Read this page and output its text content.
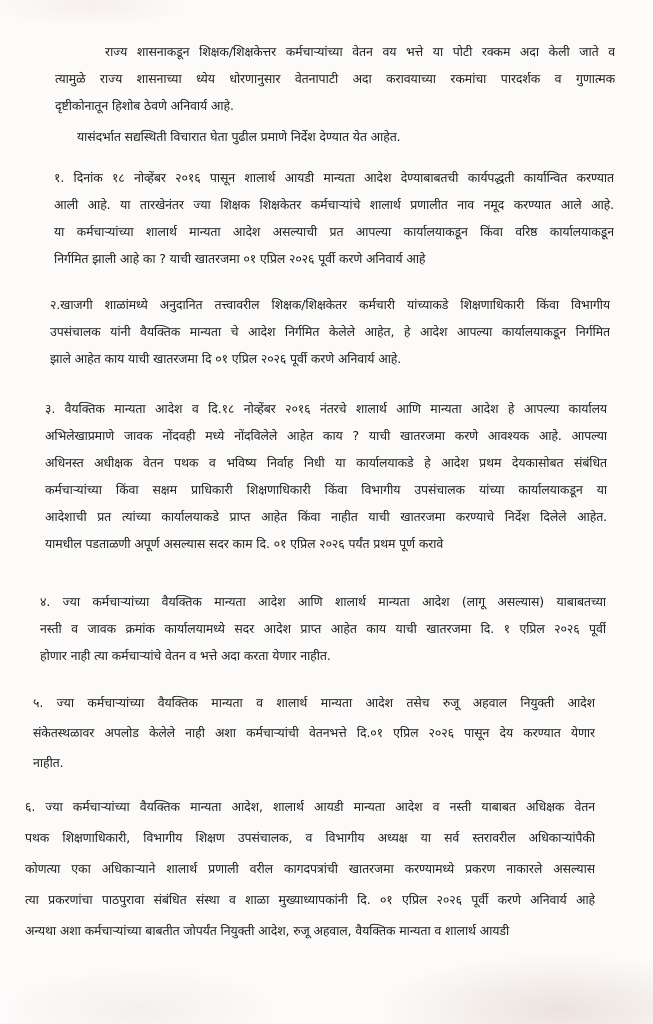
राज्य शासनाकडून शिक्षक/शिक्षकेत्तर कर्मचाऱ्यांच्या वेतन वय भत्ते या पोटी रक्कम अदा केली जाते व
त्यामुळे राज्य शासनाच्या ध्येय धोरणानुसार वेतनापाटी अदा करावयाच्या रकमांचा पारदर्शक व गुणात्मक
दृष्टीकोनातून हिशोब ठेवणे अनिवार्य आहे.
यासंदर्भात सद्यस्थिती विचारात घेता पुढील प्रमाणे निर्देश देण्यात येत आहेत.
१. दिनांक १८ नोव्हेंबर २०१६ पासून शालार्थ आयडी मान्यता आदेश देण्याबाबतची कार्यपद्धती कार्यान्वित करण्यात
आली आहे. या तारखेनंतर ज्या शिक्षक शिक्षकेतर कर्मचाऱ्यांचे शालार्थ प्रणालीत नाव नमूद करण्यात आले आहे.
या कर्मचाऱ्यांच्या शालार्थ मान्यता आदेश असल्याची प्रत आपल्या कार्यालयाकडून किंवा वरिष्ठ कार्यालयाकडून
निर्गमित झाली आहे का ? याची खातरजमा ०१ एप्रिल २०२६ पूर्वी करणे अनिवार्य आहे
२.खाजगी शाळांमध्ये अनुदानित तत्त्वावरील शिक्षक/शिक्षकेतर कर्मचारी यांच्याकडे शिक्षणाधिकारी किंवा विभागीय
उपसंचालक यांनी वैयक्तिक मान्यता चे आदेश निर्गमित केलेले आहेत, हे आदेश आपल्या कार्यालयाकडून निर्गमित
झाले आहेत काय याची खातरजमा दि ०१ एप्रिल २०२६ पूर्वी करणे अनिवार्य आहे.
३. वैयक्तिक मान्यता आदेश व दि.१८ नोव्हेंबर २०१६ नंतरचे शालार्थ आणि मान्यता आदेश हे आपल्या कार्यालय
अभिलेखाप्रमाणे जावक नोंदवही मध्ये नोंदविलेले आहेत काय ? याची खातरजमा करणे आवश्यक आहे. आपल्या
अधिनस्त अधीक्षक वेतन पथक व भविष्य निर्वाह निधी या कार्यालयाकडे हे आदेश प्रथम देयकासोबत संबंधित
कर्मचाऱ्यांच्या किंवा सक्षम प्राधिकारी शिक्षणाधिकारी किंवा विभागीय उपसंचालक यांच्या कार्यालयाकडून या
आदेशाची प्रत त्यांच्या कार्यालयाकडे प्राप्त आहेत किंवा नाहीत याची खातरजमा करण्याचे निर्देश दिलेले आहेत.
यामधील पडताळणी अपूर्ण असल्यास सदर काम दि. ०१ एप्रिल २०२६ पर्यंत प्रथम पूर्ण करावे
४. ज्या कर्मचाऱ्यांच्या वैयक्तिक मान्यता आदेश आणि शालार्थ मान्यता आदेश (लागू असल्यास) याबाबतच्या
नस्ती व जावक क्रमांक कार्यालयामध्ये सदर आदेश प्राप्त आहेत काय याची खातरजमा दि. १ एप्रिल २०२६ पूर्वी
होणार नाही त्या कर्मचाऱ्यांचे वेतन व भत्ते अदा करता येणार नाहीत.
५. ज्या कर्मचाऱ्यांच्या वैयक्तिक मान्यता व शालार्थ मान्यता आदेश तसेच रुजू अहवाल नियुक्ती आदेश
संकेतस्थळावर अपलोड केलेले नाही अशा कर्मचाऱ्यांची वेतनभत्ते दि.०१ एप्रिल २०२६ पासून देय करण्यात येणार
नाहीत.
६. ज्या कर्मचाऱ्यांच्या वैयक्तिक मान्यता आदेश, शालार्थ आयडी मान्यता आदेश व नस्ती याबाबत अधिक्षक वेतन
पथक शिक्षणाधिकारी, विभागीय शिक्षण उपसंचालक, व विभागीय अध्यक्ष या सर्व स्तरावरील अधिकाऱ्यांपैकी
कोणत्या एका अधिकाऱ्याने शालार्थ प्रणाली वरील कागदपत्रांची खातरजमा करण्यामध्ये प्रकरण नाकारले असल्यास
त्या प्रकरणांचा पाठपुरावा संबंधित संस्था व शाळा मुख्याध्यापकांनी दि. ०१ एप्रिल २०२६ पूर्वी करणे अनिवार्य आहे
अन्यथा अशा कर्मचाऱ्यांच्या बाबतीत जोपर्यंत नियुक्ती आदेश, रुजू अहवाल, वैयक्तिक मान्यता व शालार्थ आयडी
